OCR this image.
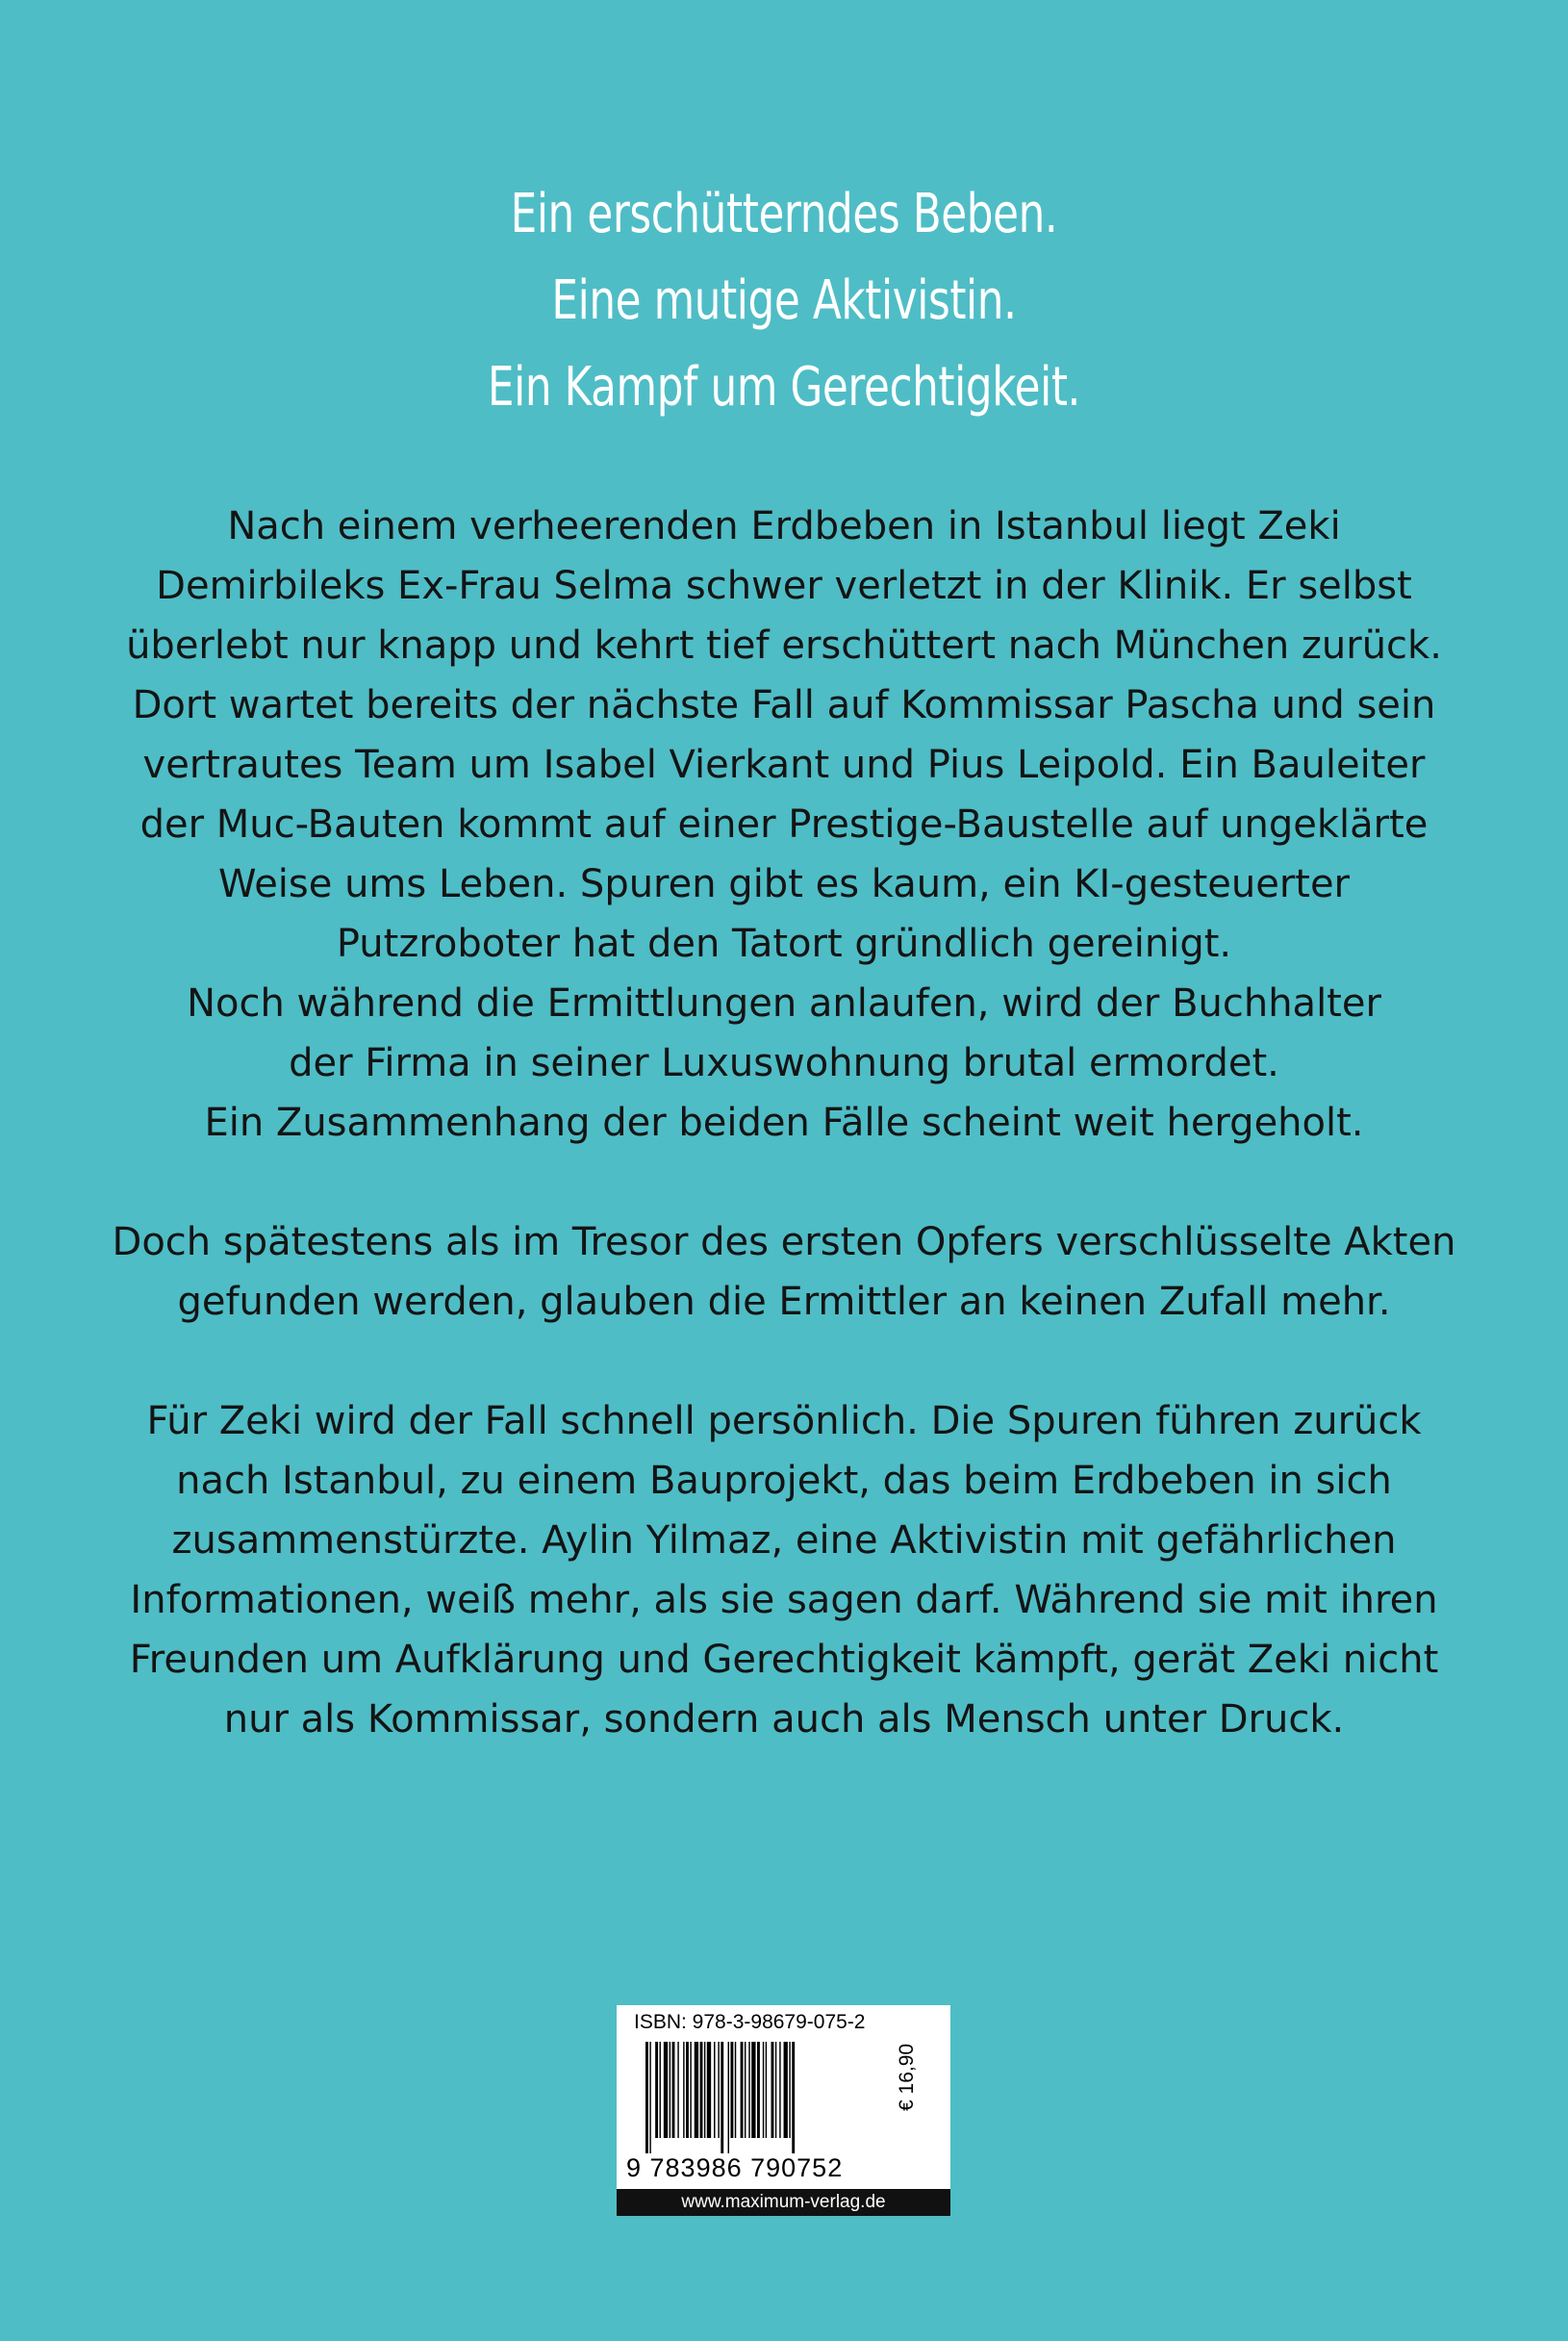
Ein erschütterndes Beben.
Eine mutige Aktivistin.
Ein Kampf um Gerechtigkeit.
Nach einem verheerenden Erdbeben in Istanbul liegt Zeki
Demirbileks Ex-Frau Selma schwer verletzt in der Klinik. Er selbst
überlebt nur knapp und kehrt tief erschüttert nach München zurück.
Dort wartet bereits der nächste Fall auf Kommissar Pascha und sein
vertrautes Team um Isabel Vierkant und Pius Leipold. Ein Bauleiter
der Muc-Bauten kommt auf einer Prestige-Baustelle auf ungeklärte
Weise ums Leben. Spuren gibt es kaum, ein KI-gesteuerter
Putzroboter hat den Tatort gründlich gereinigt.
Noch während die Ermittlungen anlaufen, wird der Buchhalter
der Firma in seiner Luxuswohnung brutal ermordet.
Ein Zusammenhang der beiden Fälle scheint weit hergeholt.
Doch spätestens als im Tresor des ersten Opfers verschlüsselte Akten
gefunden werden, glauben die Ermittler an keinen Zufall mehr.
Für Zeki wird der Fall schnell persönlich. Die Spuren führen zurück
nach Istanbul, zu einem Bauprojekt, das beim Erdbeben in sich
zusammenstürzte. Aylin Yilmaz, eine Aktivistin mit gefährlichen
Informationen, weiß mehr, als sie sagen darf. Während sie mit ihren
Freunden um Aufklärung und Gerechtigkeit kämpft, gerät Zeki nicht
nur als Kommissar, sondern auch als Mensch unter Druck.
ISBN: 978-3-98679-075-2
9 783986 790752
€ 16,90
www.maximum-verlag.de
